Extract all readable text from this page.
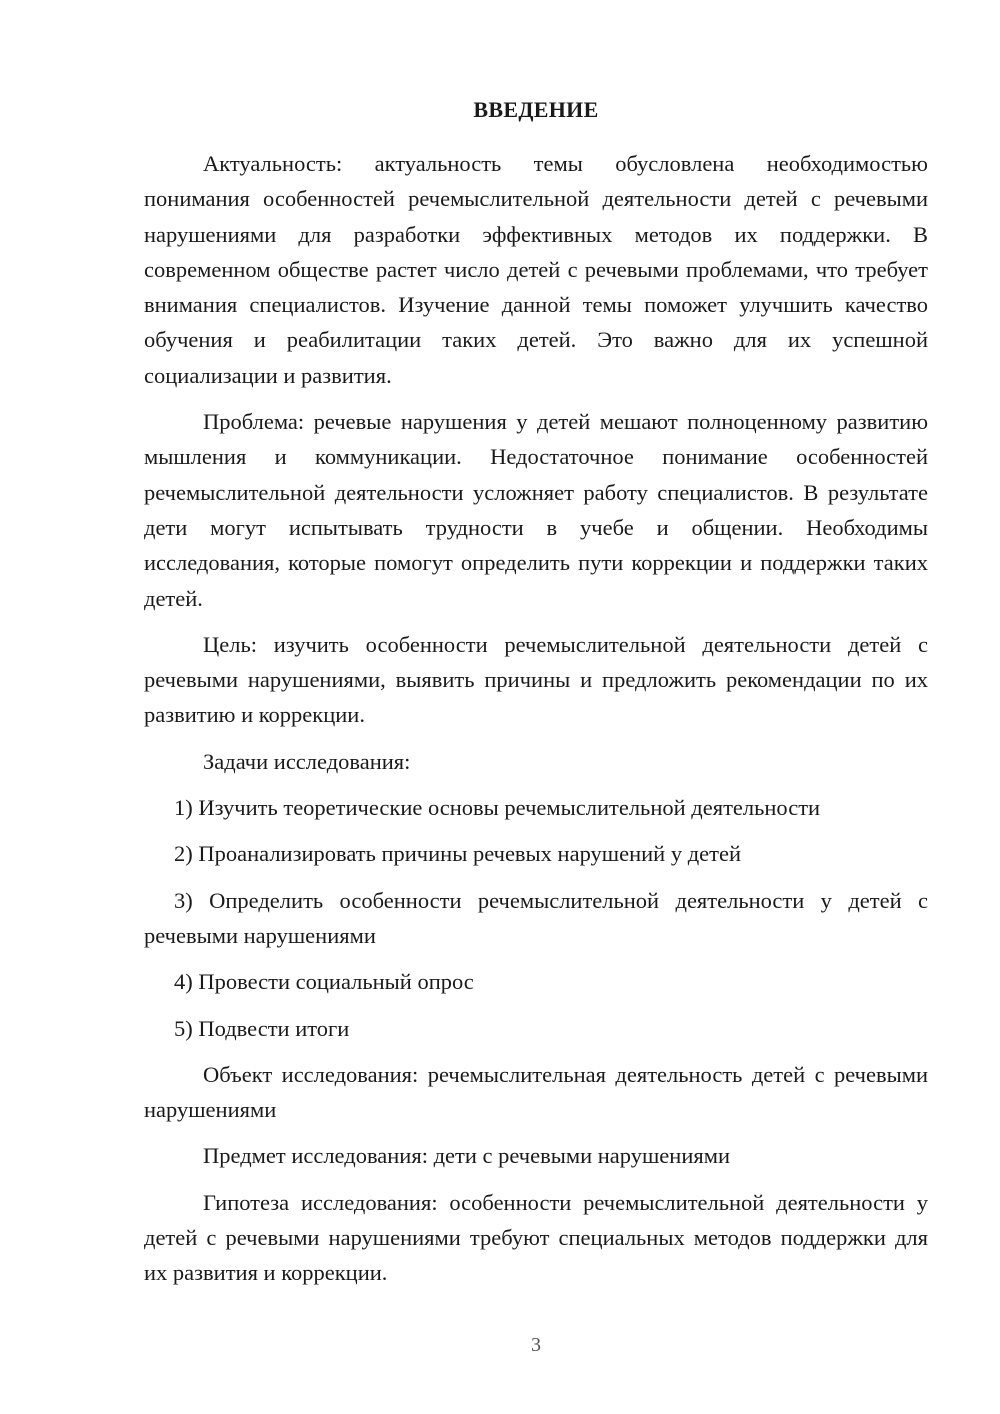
ВВЕДЕНИЕ

Актуальность: актуальность темы обусловлена необходимостью понимания особенностей речемыслительной деятельности детей с речевыми нарушениями для разработки эффективных методов их поддержки. В современном обществе растет число детей с речевыми проблемами, что требует внимания специалистов. Изучение данной темы поможет улучшить качество обучения и реабилитации таких детей. Это важно для их успешной социализации и развития.

Проблема: речевые нарушения у детей мешают полноценному развитию мышления и коммуникации. Недостаточное понимание особенностей речемыслительной деятельности усложняет работу специалистов. В результате дети могут испытывать трудности в учебе и общении. Необходимы исследования, которые помогут определить пути коррекции и поддержки таких детей.

Цель: изучить особенности речемыслительной деятельности детей с речевыми нарушениями, выявить причины и предложить рекомендации по их развитию и коррекции.

Задачи исследования:

1) Изучить теоретические основы речемыслительной деятельности

2) Проанализировать причины речевых нарушений у детей

3) Определить особенности речемыслительной деятельности у детей с речевыми нарушениями

4) Провести социальный опрос

5) Подвести итоги

Объект исследования: речемыслительная деятельность детей с речевыми нарушениями

Предмет исследования: дети с речевыми нарушениями

Гипотеза исследования: особенности речемыслительной деятельности у детей с речевыми нарушениями требуют специальных методов поддержки для их развития и коррекции.

3
